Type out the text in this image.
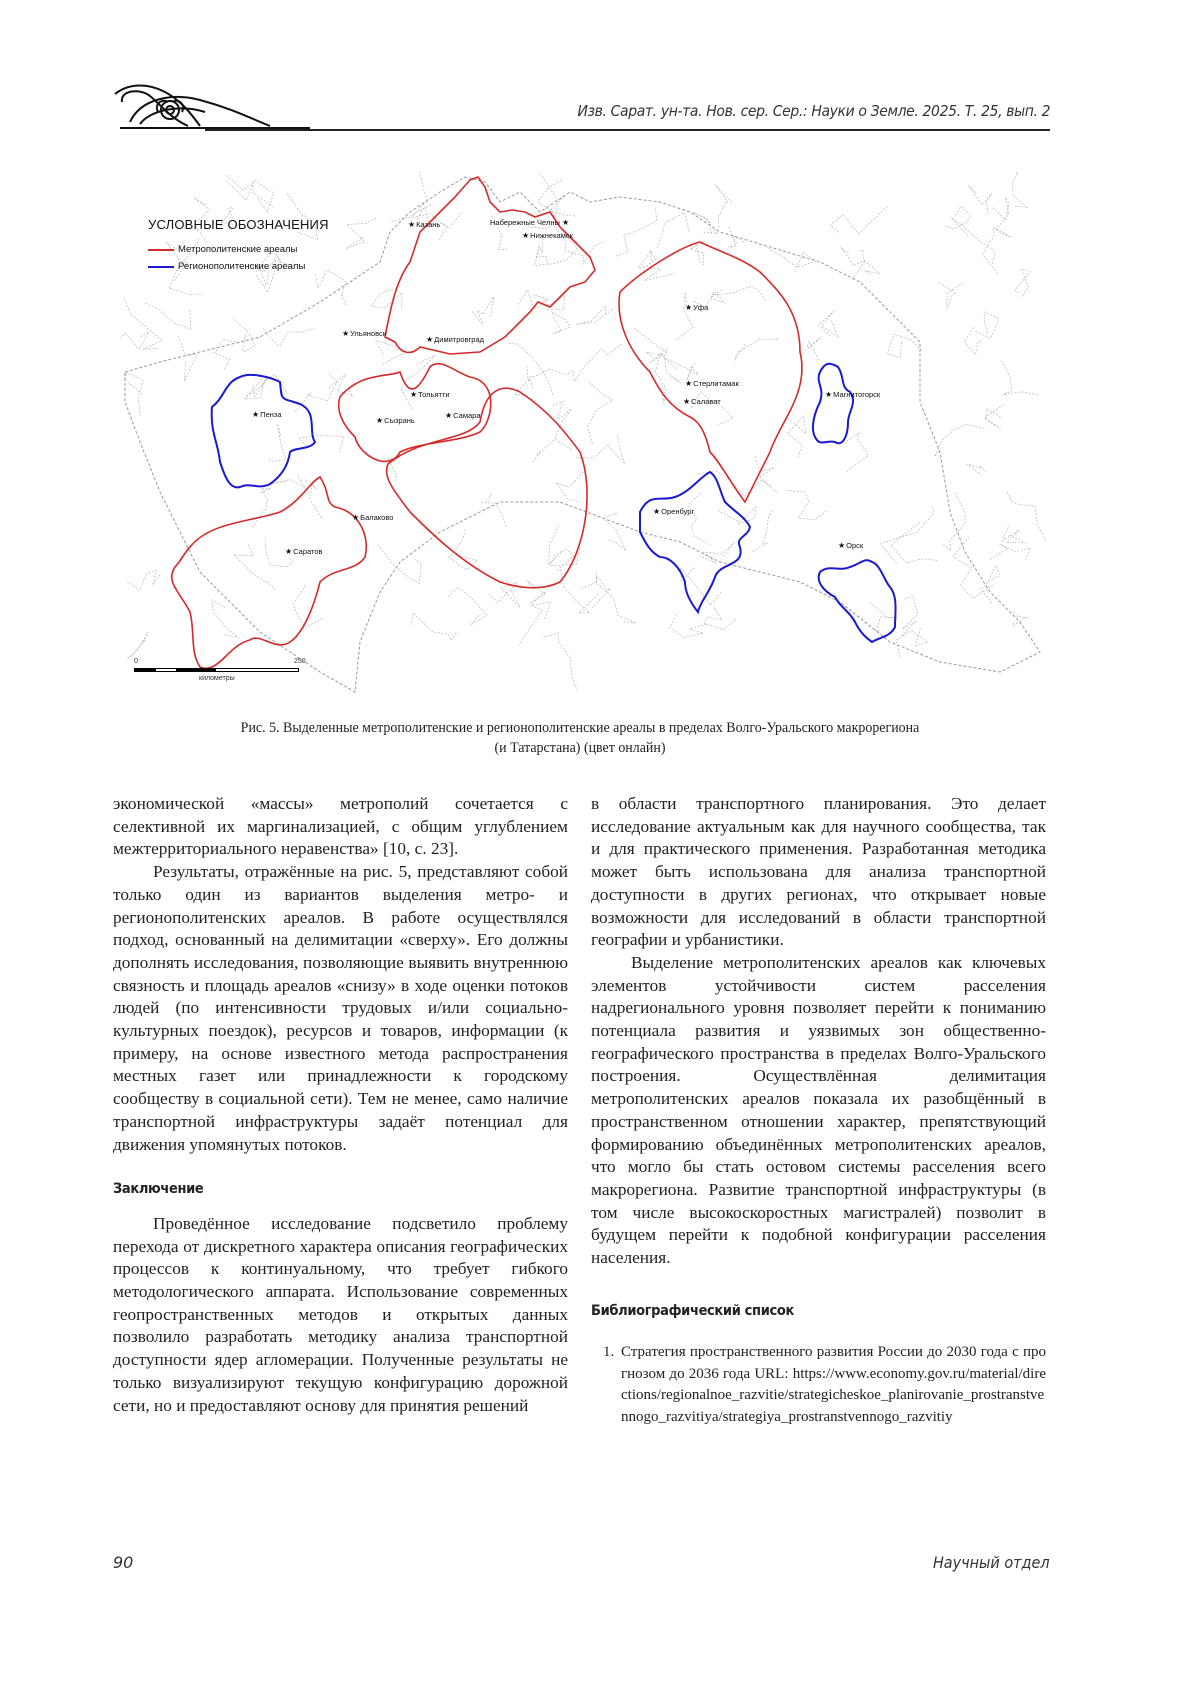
Изв. Сарат. ун-та. Нов. сер. Сер.: Науки о Земле. 2025. Т. 25, вып. 2
УСЛОВНЫЕ ОБОЗНАЧЕНИЯ
Метрополитенские ареалы
Регионополитенские ареалы
★Казань	Набережные Челны ★
★Нижнекамск
★Ульяновск
★Димитровград
★Тольятти
★Самара
★Сызрань
★Пенза
★Балаково
★Саратов
★Уфа
★Стерлитамак
★Салават
★Магнитогорск
★Оренбург
★Орск
0	250
километры
Рис. 5. Выделенные метрополитенские и регионополитенские ареалы в пределах Волго-Уральского макрорегиона
(и Татарстана) (цвет онлайн)

экономической «массы» метрополий сочетается с селективной их маргинализацией, с общим углублением межтерриториального неравенства» [10, с. 23].

Результаты, отражённые на рис. 5, представляют собой только один из вариантов выделения метро- и регионополитенских ареалов. В работе осуществлялся подход, основанный на делимитации «сверху». Его должны дополнять исследования, позволяющие выявить внутреннюю связность и площадь ареалов «снизу» в ходе оценки потоков людей (по интенсивности трудовых и/или социально-культурных поездок), ресурсов и товаров, информации (к примеру, на основе известного метода распространения местных газет или принадлежности к городскому сообществу в социальной сети). Тем не менее, само наличие транспортной инфраструктуры задаёт потенциал для движения упомянутых потоков.

Заключение

Проведённое исследование подсветило проблему перехода от дискретного характера описания географических процессов к континуальному, что требует гибкого методологического аппарата. Использование современных геопространственных методов и открытых данных позволило разработать методику анализа транспортной доступности ядер агломерации. Полученные результаты не только визуализируют текущую конфигурацию дорожной сети, но и предоставляют основу для принятия решений

в области транспортного планирования. Это делает исследование актуальным как для научного сообщества, так и для практического применения. Разработанная методика может быть использована для анализа транспортной доступности в других регионах, что открывает новые возможности для исследований в области транспортной географии и урбанистики.

Выделение метрополитенских ареалов как ключевых элементов устойчивости систем расселения надрегионального уровня позволяет перейти к пониманию потенциала развития и уязвимых зон общественно-географического пространства в пределах Волго-Уральского построения. Осуществлённая делимитация метрополитенских ареалов показала их разобщённый в пространственном отношении характер, препятствующий формированию объединённых метрополитенских ареалов, что могло бы стать остовом системы расселения всего макрорегиона. Развитие транспортной инфраструктуры (в том числе высокоскоростных магистралей) позволит в будущем перейти к подобной конфигурации расселения населения.

Библиографический список
1. Стратегия пространственного развития России до 2030 года с прогнозом до 2036 года URL: https://www.economy.gov.ru/material/directions/regionalnoe_razvitie/strategicheskoe_planirovanie_prostranstvennogo_razvitiya/strategiya_prostranstvennogo_razvitiy
90	Научный отдел
